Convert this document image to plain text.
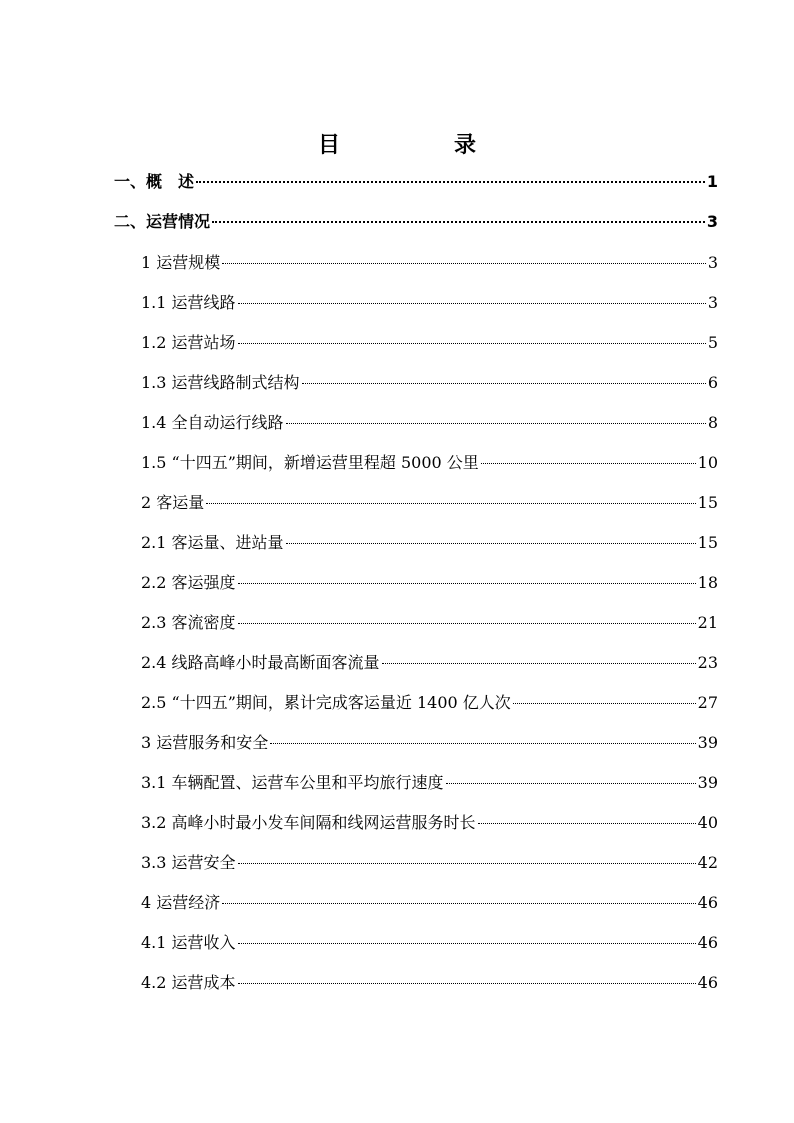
目　录
一、概　述	1
二、运营情况	3
1 运营规模	3
1.1 运营线路	3
1.2 运营站场	5
1.3 运营线路制式结构	6
1.4 全自动运行线路	8
1.5 “十四五”期间，新增运营里程超 5000 公里	10
2 客运量	15
2.1 客运量、进站量	15
2.2 客运强度	18
2.3 客流密度	21
2.4 线路高峰小时最高断面客流量	23
2.5 “十四五”期间，累计完成客运量近 1400 亿人次	27
3 运营服务和安全	39
3.1 车辆配置、运营车公里和平均旅行速度	39
3.2 高峰小时最小发车间隔和线网运营服务时长	40
3.3 运营安全	42
4 运营经济	46
4.1 运营收入	46
4.2 运营成本	46
